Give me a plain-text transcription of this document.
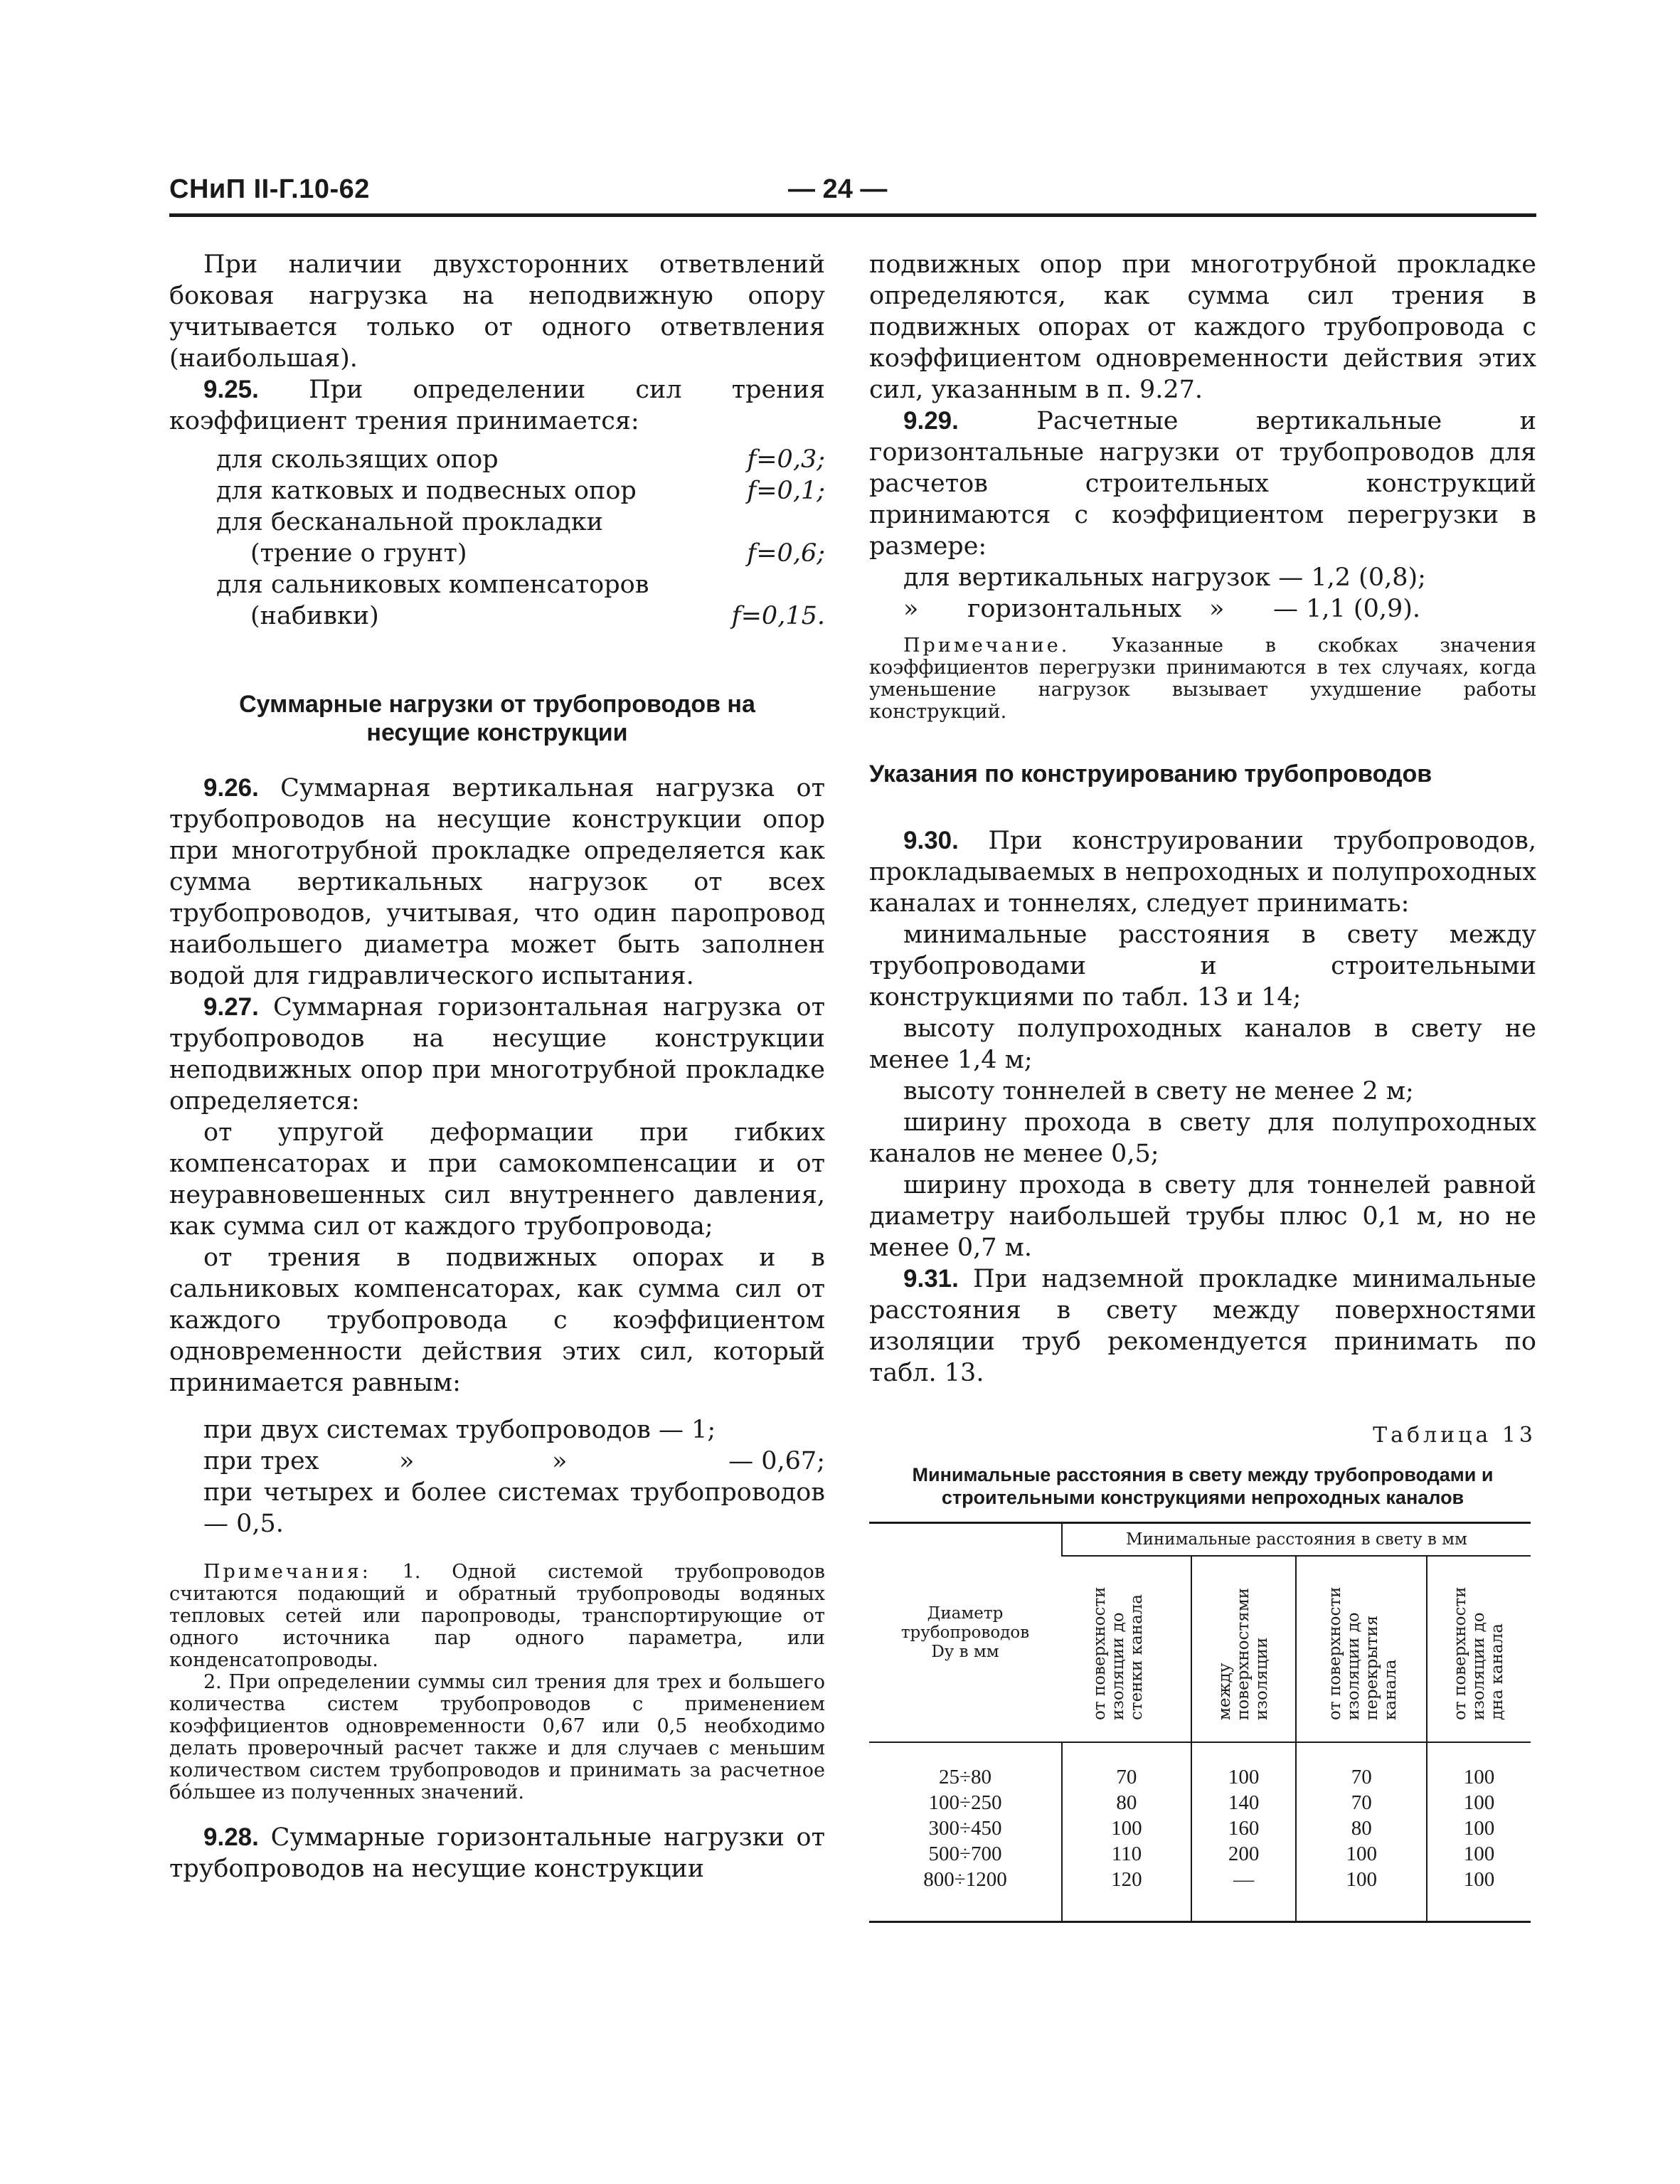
СНиП II-Г.10-62	— 24 —

При наличии двухсторонних ответвлений боковая нагрузка на неподвижную опору учитывается только от одного ответвления (наибольшая).

9.25. При определении сил трения коэффициент трения принимается:

для скользящих опор	f=0,3;
для катковых и подвесных опор	f=0,1;
для бесканальной прокладки
(трение о грунт)	f=0,6;
для сальниковых компенсаторов
(набивки)	f=0,15.
Суммарные нагрузки от трубопроводов на несущие конструкции

9.26. Суммарная вертикальная нагрузка от трубопроводов на несущие конструкции опор при многотрубной прокладке определяется как сумма вертикальных нагрузок от всех трубопроводов, учитывая, что один паропровод наибольшего диаметра может быть заполнен водой для гидравлического испытания.

9.27. Суммарная горизонтальная нагрузка от трубопроводов на несущие конструкции неподвижных опор при многотрубной прокладке определяется:

от упругой деформации при гибких компенсаторах и при самокомпенсации и от неуравновешенных сил внутреннего давления, как сумма сил от каждого трубопровода;

от трения в подвижных опорах и в сальниковых компенсаторах, как сумма сил от каждого трубопровода с коэффициентом одновременности действия этих сил, который принимается равным:

при двух системах трубопроводов — 1;
при трех	»	»	— 0,67;

при четырех и более системах трубопроводов — 0,5.

Примечания: 1. Одной системой трубопроводов считаются подающий и обратный трубопроводы водяных тепловых сетей или паропроводы, транспортирующие от одного источника пар одного параметра, или конденсатопроводы.

2. При определении суммы сил трения для трех и большего количества систем трубопроводов с применением коэффициентов одновременности 0,67 или 0,5 необходимо делать проверочный расчет также и для случаев с меньшим количеством систем трубопроводов и принимать за расчетное бóльшее из полученных значений.

9.28. Суммарные горизонтальные нагрузки от трубопроводов на несущие конструкции

подвижных опор при многотрубной прокладке определяются, как сумма сил трения в подвижных опорах от каждого трубопровода с коэффициентом одновременности действия этих сил, указанным в п. 9.27.

9.29.	Расчетные вертикальные и горизонтальные нагрузки от трубопроводов для расчетов строительных конструкций принимаются с коэффициентом перегрузки в размере:

для вертикальных нагрузок — 1,2 (0,8);
» горизонтальных » — 1,1 (0,9).

Примечание. Указанные в скобках значения коэффициентов перегрузки принимаются в тех случаях, когда уменьшение нагрузок вызывает ухудшение работы конструкций.

Указания по конструированию трубопроводов

9.30. При конструировании трубопроводов, прокладываемых в непроходных и полупроходных каналах и тоннелях, следует принимать:

минимальные расстояния в свету между трубопроводами и строительными конструкциями по табл. 13 и 14;

высоту полупроходных каналов в свету не менее 1,4 м;

высоту тоннелей в свету не менее 2 м;

ширину прохода в свету для полупроходных каналов не менее 0,5;

ширину прохода в свету для тоннелей равной диаметру наибольшей трубы плюс 0,1 м, но не менее 0,7 м.

9.31. При надземной прокладке минимальные расстояния в свету между поверхностями изоляции труб рекомендуется принимать по табл. 13.

Таблица 13
Минимальные расстояния в свету между трубопроводами и строительными конструкциями непроходных каналов
Диаметр трубопроводов Dу в мм	Минимальные расстояния в свету в мм			

	от поверхности изоляции до стенки канала	между поверхностями изоляции	от поверхности изоляции до перекрытия канала	от поверхности изоляции до дна канала

25÷80	70	100	70	100
100÷250	80	140	70	100
300÷450	100	160	80	100
500÷700	110	200	100	100
800÷1200	120	—	100	100
